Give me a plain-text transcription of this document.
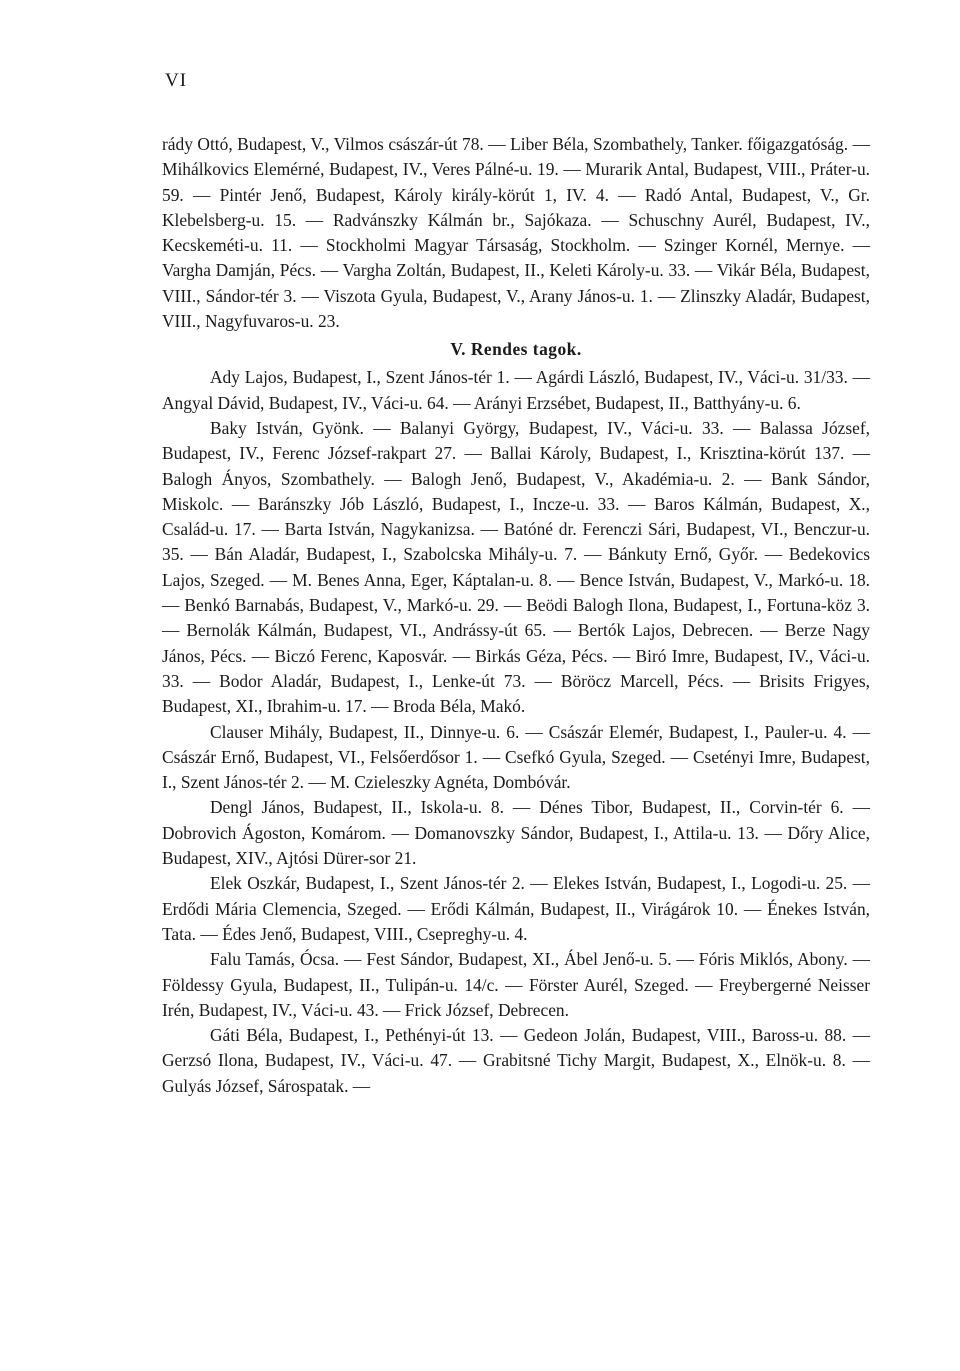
VI

rády Ottó, Budapest, V., Vilmos császár-út 78. — Liber Béla, Szombathely, Tanker. főigazgatóság. — Mihálkovics Elemérné, Budapest, IV., Veres Pálné-u. 19. — Murarik Antal, Budapest, VIII., Práter-u. 59. — Pintér Jenő, Budapest, Károly király-körút 1, IV. 4. — Radó Antal, Budapest, V., Gr. Klebelsberg-u. 15. — Radvánszky Kálmán br., Sajókaza. — Schuschny Aurél, Budapest, IV., Kecskeméti-u. 11. — Stockholmi Magyar Társaság, Stockholm. — Szinger Kornél, Mernye. — Vargha Damján, Pécs. — Vargha Zoltán, Budapest, II., Keleti Károly-u. 33. — Vikár Béla, Budapest, VIII., Sándor-tér 3. — Viszota Gyula, Budapest, V., Arany János-u. 1. — Zlinszky Aladár, Budapest, VIII., Nagyfuvaros-u. 23.

V. Rendes tagok.

Ady Lajos, Budapest, I., Szent János-tér 1. — Agárdi László, Budapest, IV., Váci-u. 31/33. — Angyal Dávid, Budapest, IV., Váci-u. 64. — Arányi Erzsébet, Budapest, II., Batthyány-u. 6.

Baky István, Gyönk. — Balanyi György, Budapest, IV., Váci-u. 33. — Balassa József, Budapest, IV., Ferenc József-rakpart 27. — Ballai Károly, Budapest, I., Krisztina-körút 137. — Balogh Ányos, Szombathely. — Balogh Jenő, Budapest, V., Akadémia-u. 2. — Bank Sándor, Miskolc. — Baránszky Jób László, Budapest, I., Incze-u. 33. — Baros Kálmán, Budapest, X., Család-u. 17. — Barta István, Nagykanizsa. — Batóné dr. Ferenczi Sári, Budapest, VI., Benczur-u. 35. — Bán Aladár, Budapest, I., Szabolcska Mihály-u. 7. — Bánkuty Ernő, Győr. — Bedekovics Lajos, Szeged. — M. Benes Anna, Eger, Káptalan-u. 8. — Bence István, Budapest, V., Markó-u. 18. — Benkó Barnabás, Budapest, V., Markó-u. 29. — Beödi Balogh Ilona, Budapest, I., Fortuna-köz 3. — Bernolák Kálmán, Budapest, VI., Andrássy-út 65. — Bertók Lajos, Debrecen. — Berze Nagy János, Pécs. — Biczó Ferenc, Kaposvár. — Birkás Géza, Pécs. — Biró Imre, Budapest, IV., Váci-u. 33. — Bodor Aladár, Budapest, I., Lenke-út 73. — Böröcz Marcell, Pécs. — Brisits Frigyes, Budapest, XI., Ibrahim-u. 17. — Broda Béla, Makó.

Clauser Mihály, Budapest, II., Dinnye-u. 6. — Császár Elemér, Budapest, I., Pauler-u. 4. — Császár Ernő, Budapest, VI., Felsőerdősor 1. — Csefkó Gyula, Szeged. — Csetényi Imre, Budapest, I., Szent János-tér 2. — M. Czieleszky Agnéta, Dombóvár.

Dengl János, Budapest, II., Iskola-u. 8. — Dénes Tibor, Budapest, II., Corvin-tér 6. — Dobrovich Ágoston, Komárom. — Domanovszky Sándor, Budapest, I., Attila-u. 13. — Dőry Alice, Budapest, XIV., Ajtósi Dürer-sor 21.

Elek Oszkár, Budapest, I., Szent János-tér 2. — Elekes István, Budapest, I., Logodi-u. 25. — Erdődi Mária Clemencia, Szeged. — Erődi Kálmán, Budapest, II., Virágárok 10. — Énekes István, Tata. — Édes Jenő, Budapest, VIII., Csepreghy-u. 4.

Falu Tamás, Ócsa. — Fest Sándor, Budapest, XI., Ábel Jenő-u. 5. — Fóris Miklós, Abony. — Földessy Gyula, Budapest, II., Tulipán-u. 14/c. — Förster Aurél, Szeged. — Freybergerné Neisser Irén, Budapest, IV., Váci-u. 43. — Frick József, Debrecen.

Gáti Béla, Budapest, I., Pethényi-út 13. — Gedeon Jolán, Budapest, VIII., Baross-u. 88. — Gerzsó Ilona, Budapest, IV., Váci-u. 47. — Grabitsné Tichy Margit, Budapest, X., Elnök-u. 8. — Gulyás József, Sárospatak. —
